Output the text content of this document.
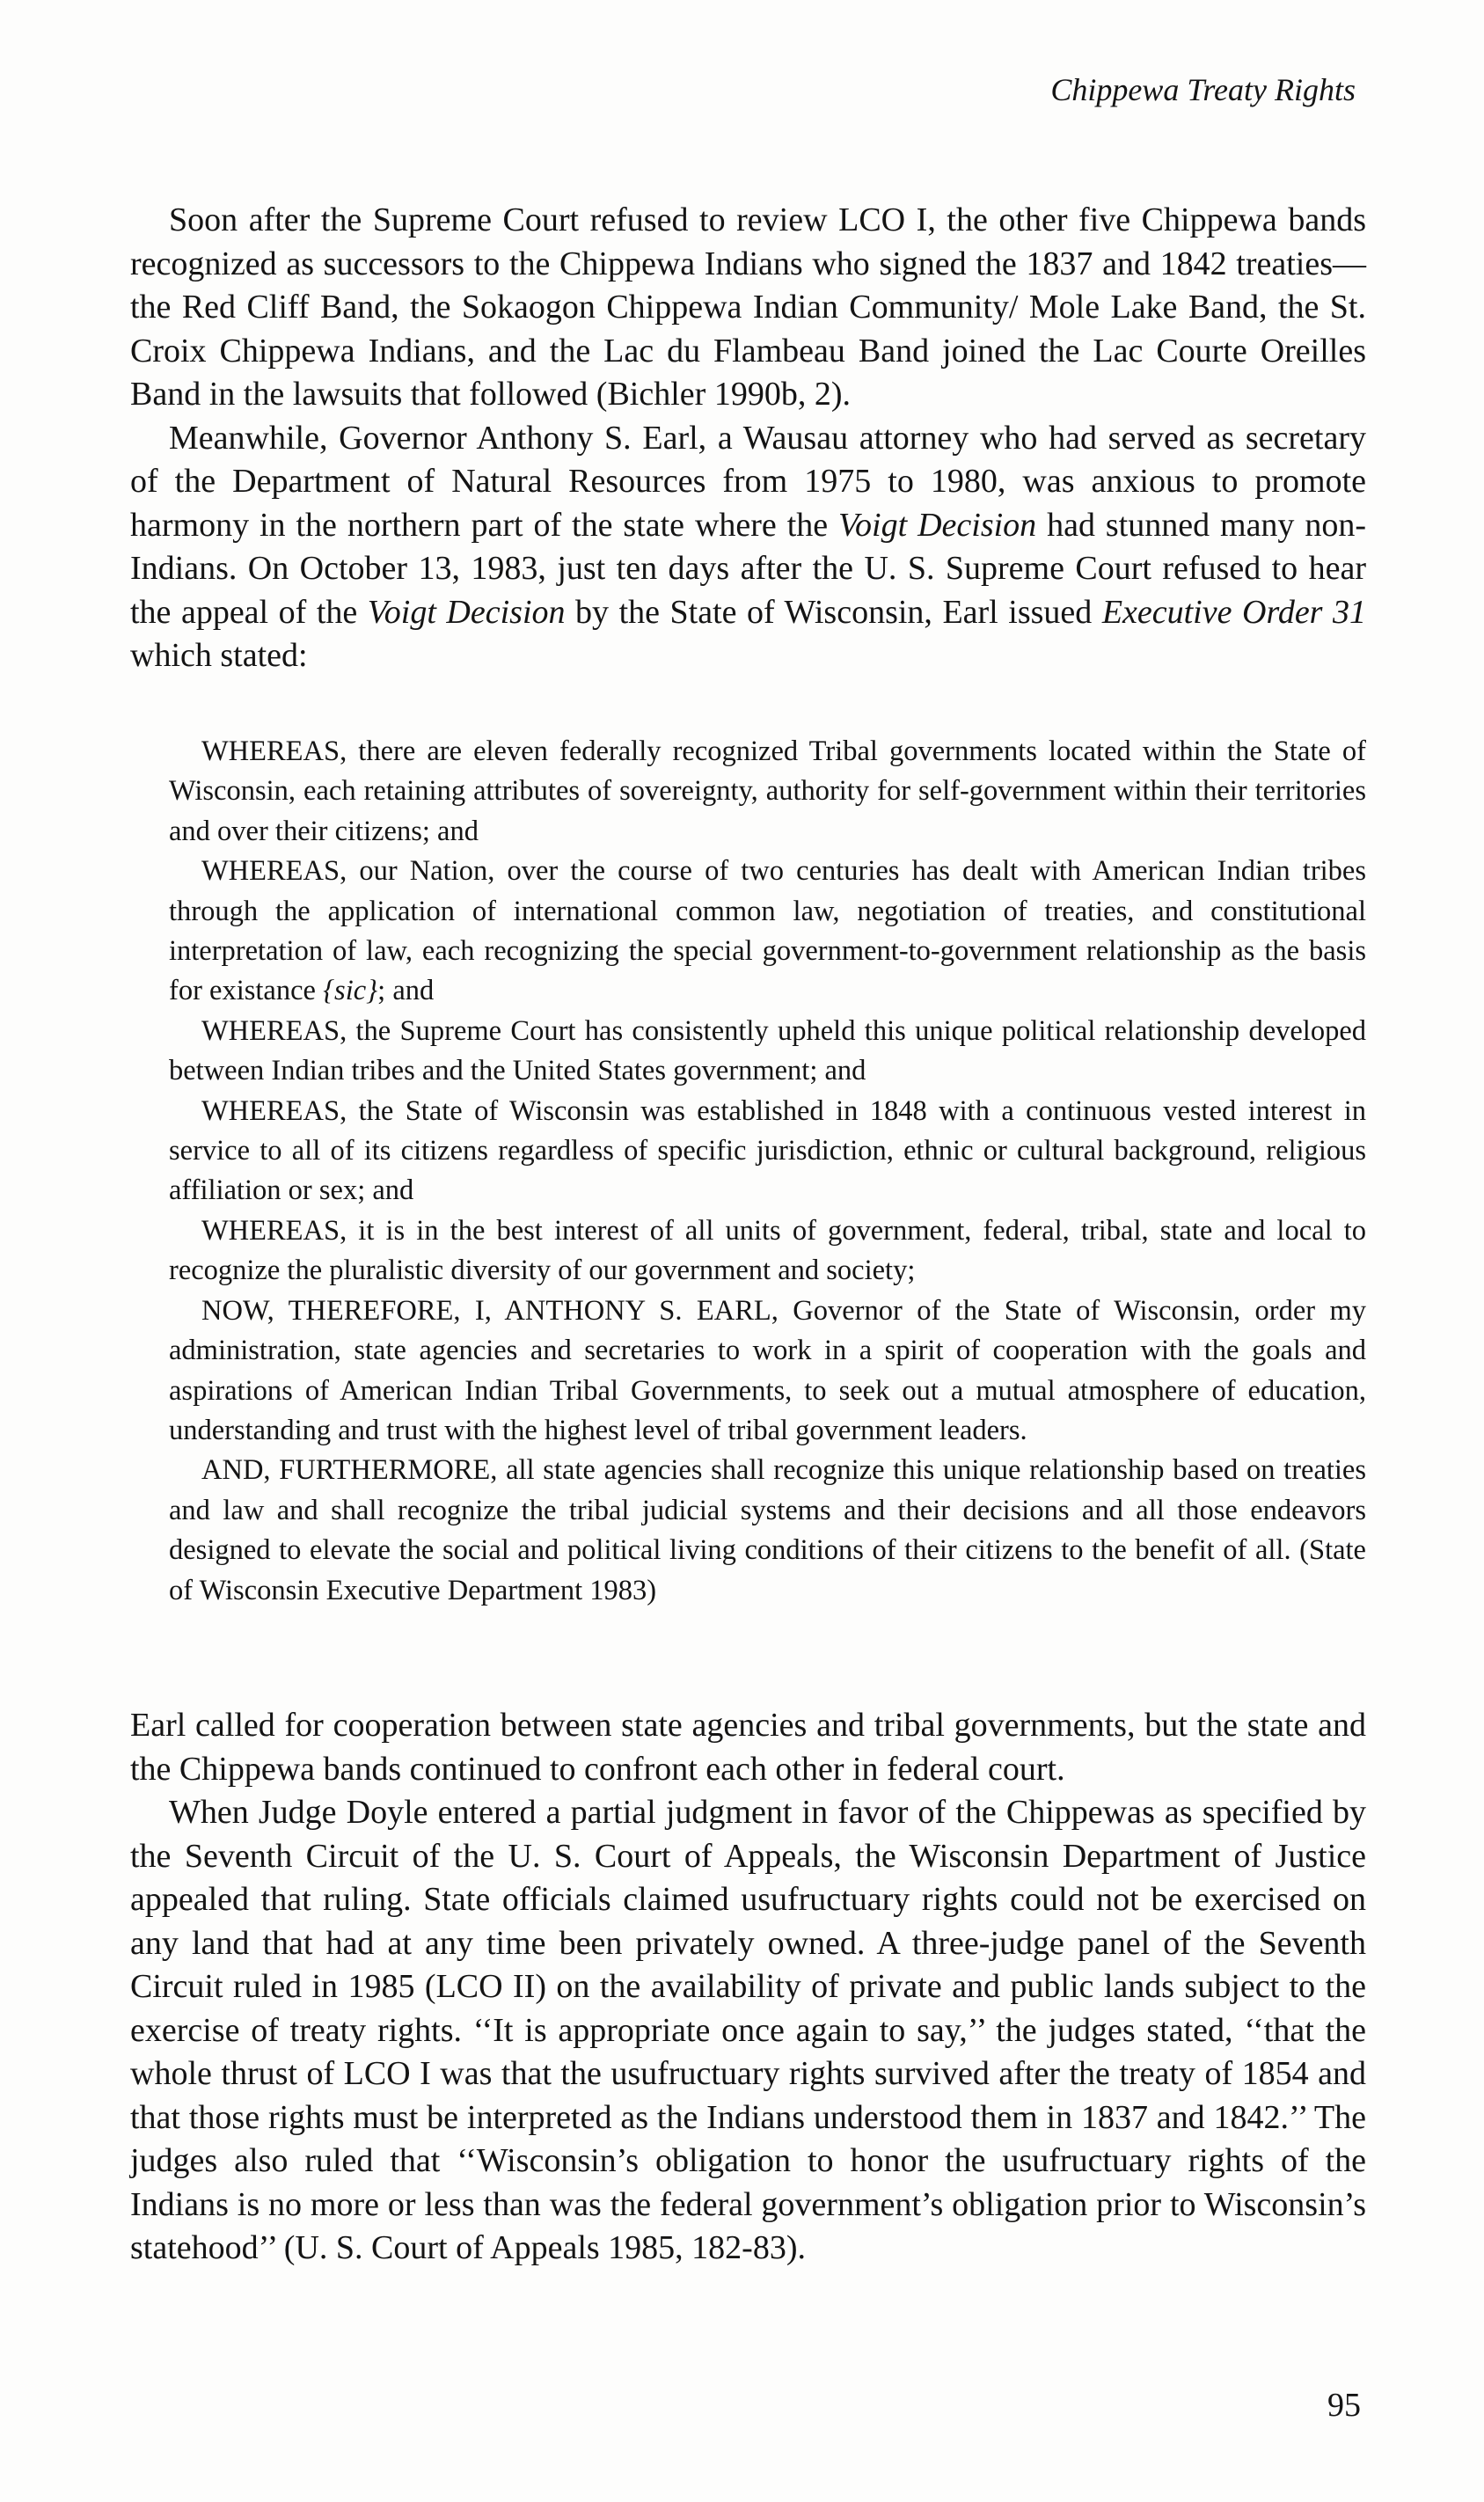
Chippewa Treaty Rights

Soon after the Supreme Court refused to review LCO I, the other five Chippewa bands recognized as successors to the Chippewa Indians who signed the 1837 and 1842 treaties—the Red Cliff Band, the Sokaogon Chippewa Indian Community/ Mole Lake Band, the St. Croix Chippewa Indians, and the Lac du Flambeau Band joined the Lac Courte Oreilles Band in the lawsuits that followed (Bichler 1990b, 2).

Meanwhile, Governor Anthony S. Earl, a Wausau attorney who had served as secretary of the Department of Natural Resources from 1975 to 1980, was anxious to promote harmony in the northern part of the state where the Voigt Decision had stunned many non-Indians. On October 13, 1983, just ten days after the U. S. Supreme Court refused to hear the appeal of the Voigt Decision by the State of Wisconsin, Earl issued Executive Order 31 which stated:

WHEREAS, there are eleven federally recognized Tribal governments located within the State of Wisconsin, each retaining attributes of sovereignty, authority for self-government within their territories and over their citizens; and

WHEREAS, our Nation, over the course of two centuries has dealt with American Indian tribes through the application of international common law, negotiation of treaties, and constitutional interpretation of law, each recognizing the special government-to-government relationship as the basis for existance {sic}; and

WHEREAS, the Supreme Court has consistently upheld this unique political relationship developed between Indian tribes and the United States government; and

WHEREAS, the State of Wisconsin was established in 1848 with a continuous vested interest in service to all of its citizens regardless of specific jurisdiction, ethnic or cultural background, religious affiliation or sex; and

WHEREAS, it is in the best interest of all units of government, federal, tribal, state and local to recognize the pluralistic diversity of our government and society;

NOW, THEREFORE, I, ANTHONY S. EARL, Governor of the State of Wisconsin, order my administration, state agencies and secretaries to work in a spirit of cooperation with the goals and aspirations of American Indian Tribal Governments, to seek out a mutual atmosphere of education, understanding and trust with the highest level of tribal government leaders.

AND, FURTHERMORE, all state agencies shall recognize this unique relationship based on treaties and law and shall recognize the tribal judicial systems and their decisions and all those endeavors designed to elevate the social and political living conditions of their citizens to the benefit of all. (State of Wisconsin Executive Department 1983)

Earl called for cooperation between state agencies and tribal governments, but the state and the Chippewa bands continued to confront each other in federal court.

When Judge Doyle entered a partial judgment in favor of the Chippewas as specified by the Seventh Circuit of the U. S. Court of Appeals, the Wisconsin Department of Justice appealed that ruling. State officials claimed usufructuary rights could not be exercised on any land that had at any time been privately owned. A three-judge panel of the Seventh Circuit ruled in 1985 (LCO II) on the availability of private and public lands subject to the exercise of treaty rights. ‘‘It is appropriate once again to say,’’ the judges stated, ‘‘that the whole thrust of LCO I was that the usufructuary rights survived after the treaty of 1854 and that those rights must be interpreted as the Indians understood them in 1837 and 1842.’’ The judges also ruled that ‘‘Wisconsin’s obligation to honor the usufructuary rights of the Indians is no more or less than was the federal government’s obligation prior to Wisconsin’s statehood’’ (U. S. Court of Appeals 1985, 182-83).

95
